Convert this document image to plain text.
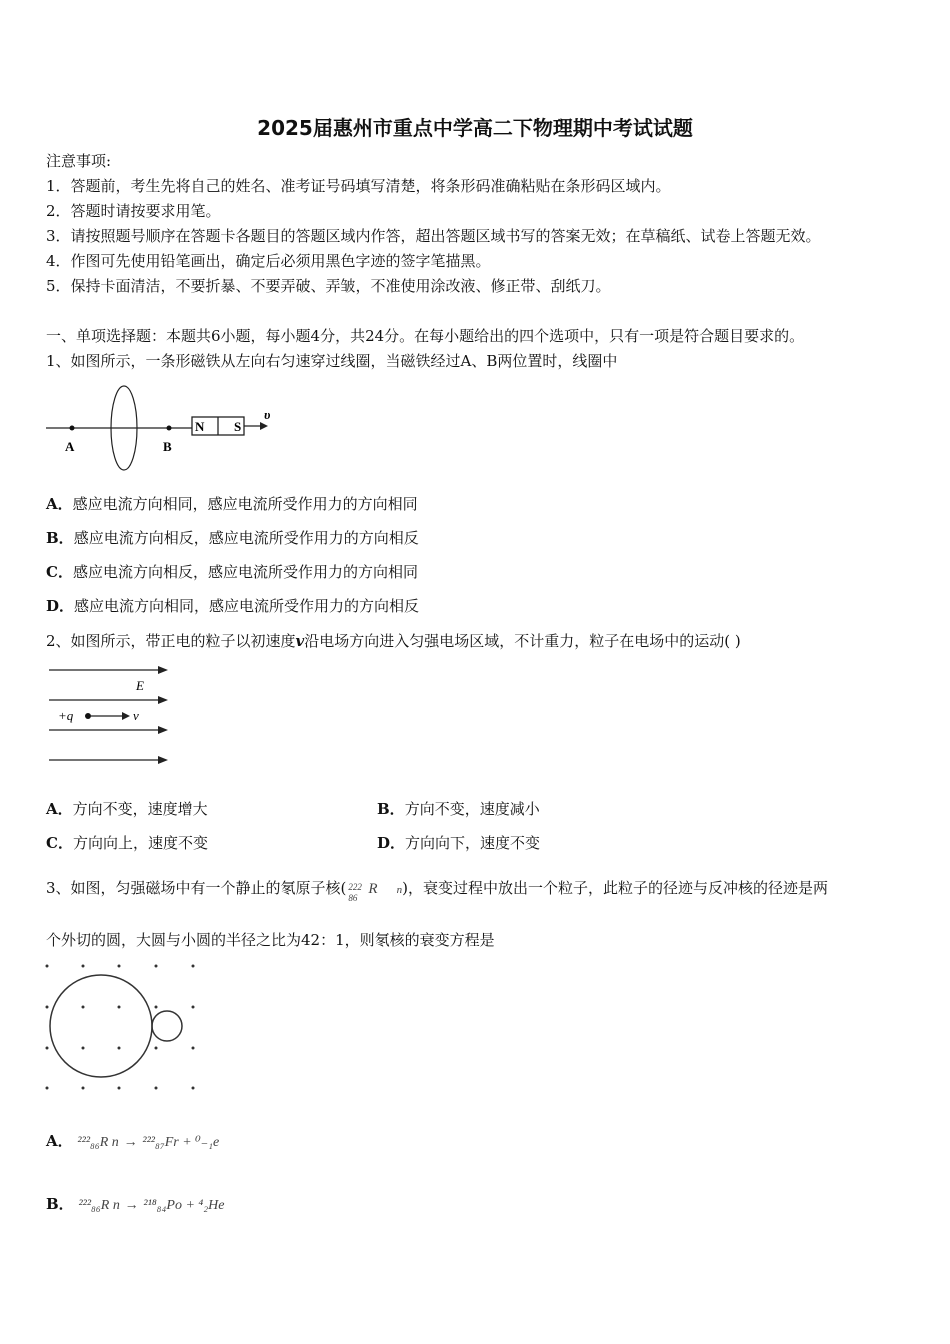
2025届惠州市重点中学高二下物理期中考试试题
注意事项:
1．答题前，考生先将自己的姓名、准考证号码填写清楚，将条形码准确粘贴在条形码区域内。
2．答题时请按要求用笔。
3．请按照题号顺序在答题卡各题目的答题区域内作答，超出答题区域书写的答案无效；在草稿纸、试卷上答题无效。
4．作图可先使用铅笔画出，确定后必须用黑色字迹的签字笔描黑。
5．保持卡面清洁，不要折暴、不要弄破、弄皱，不准使用涂改液、修正带、刮纸刀。
一、单项选择题：本题共6小题，每小题4分，共24分。在每小题给出的四个选项中，只有一项是符合题目要求的。
1、如图所示，一条形磁铁从左向右匀速穿过线圈，当磁铁经过A、B两位置时，线圈中
A	B
N S
υ
A．感应电流方向相同，感应电流所受作用力的方向相同
B．感应电流方向相反，感应电流所受作用力的方向相反
C．感应电流方向相反，感应电流所受作用力的方向相同
D．感应电流方向相同，感应电流所受作用力的方向相反
2、如图所示，带正电的粒子以初速度v沿电场方向进入匀强电场区域，不计重力，粒子在电场中的运动( )
E
+q	v
A．方向不变，速度增大	B．方向不变，速度减小
C．方向向上，速度不变	D．方向向下，速度不变
3、如图，匀强磁场中有一个静止的氡原子核( 222
86
R n)，衰变过程中放出一个粒子，此粒子的径迹与反冲核的径迹是两
个外切的圆，大圆与小圆的半径之比为42：1，则氡核的衰变方程是
A． ²²²₈₆R n → ²²²₈₇Fr + ⁰₋₁e
B． ²²²₈₆R n → ²¹⁸₈₄Po + ⁴₂He
